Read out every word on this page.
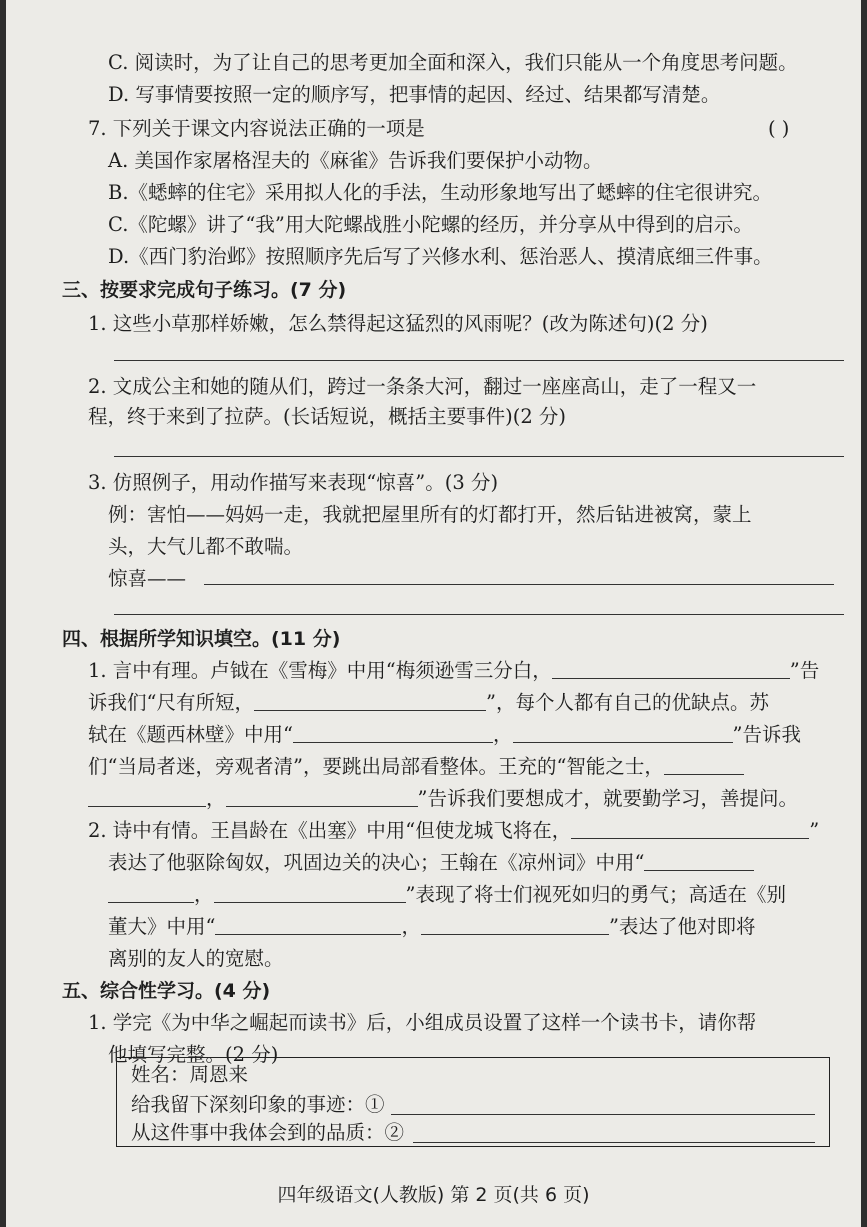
C. 阅读时，为了让自己的思考更加全面和深入，我们只能从一个角度思考问题。
D. 写事情要按照一定的顺序写，把事情的起因、经过、结果都写清楚。
7. 下列关于课文内容说法正确的一项是	( )
A. 美国作家屠格涅夫的《麻雀》告诉我们要保护小动物。
B.《蟋蟀的住宅》采用拟人化的手法，生动形象地写出了蟋蟀的住宅很讲究。
C.《陀螺》讲了“我”用大陀螺战胜小陀螺的经历，并分享从中得到的启示。
D.《西门豹治邺》按照顺序先后写了兴修水利、惩治恶人、摸清底细三件事。
三、按要求完成句子练习。(7 分)
1. 这些小草那样娇嫩，怎么禁得起这猛烈的风雨呢？(改为陈述句)(2 分)
2. 文成公主和她的随从们，跨过一条条大河，翻过一座座高山，走了一程又一
程，终于来到了拉萨。(长话短说，概括主要事件)(2 分)
3. 仿照例子，用动作描写来表现“惊喜”。(3 分)
例：害怕——妈妈一走，我就把屋里所有的灯都打开，然后钻进被窝，蒙上
头，大气儿都不敢喘。
惊喜——
四、根据所学知识填空。(11 分)
1. 言中有理。卢钺在《雪梅》中用“梅须逊雪三分白，	”告
诉我们“尺有所短，	”，每个人都有自己的优缺点。苏
轼在《题西林壁》中用“	，	”告诉我
们“当局者迷，旁观者清”，要跳出局部看整体。王充的“智能之士，
，	”告诉我们要想成才，就要勤学习，善提问。
2. 诗中有情。王昌龄在《出塞》中用“但使龙城飞将在，	”
表达了他驱除匈奴，巩固边关的决心；王翰在《凉州词》中用“
，	”表现了将士们视死如归的勇气；高适在《别
董大》中用“	，	”表达了他对即将
离别的友人的宽慰。
五、综合性学习。(4 分)
1. 学完《为中华之崛起而读书》后，小组成员设置了这样一个读书卡，请你帮
他填写完整。(2 分)
姓名：周恩来
给我留下深刻印象的事迹：①
从这件事中我体会到的品质：②
四年级语文(人教版) 第 2 页(共 6 页)
